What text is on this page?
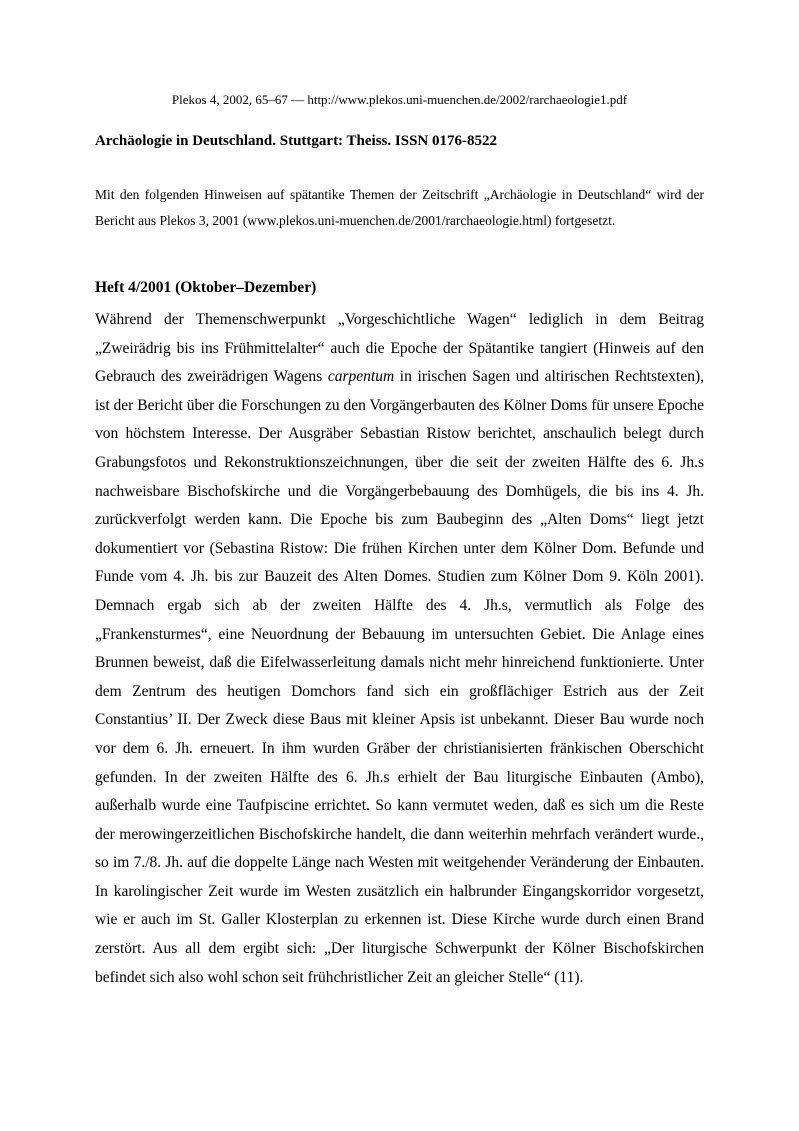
Plekos 4, 2002, 65–67 — http://www.plekos.uni-muenchen.de/2002/rarchaeologie1.pdf
Archäologie in Deutschland. Stuttgart: Theiss. ISSN 0176-8522

Mit den folgenden Hinweisen auf spätantike Themen der Zeitschrift „Archäologie in Deutschland“ wird der Bericht aus Plekos 3, 2001 (www.plekos.uni-muenchen.de/2001/rarchaeologie.html) fortgesetzt.

Heft 4/2001 (Oktober–Dezember)

Während der Themenschwerpunkt „Vorgeschichtliche Wagen“ lediglich in dem Beitrag „Zweirädrig bis ins Frühmittelalter“ auch die Epoche der Spätantike tangiert (Hinweis auf den Gebrauch des zweirädrigen Wagens carpentum in irischen Sagen und altirischen Rechtstexten), ist der Bericht über die Forschungen zu den Vorgängerbauten des Kölner Doms für unsere Epoche von höchstem Interesse. Der Ausgräber Sebastian Ristow berichtet, anschaulich belegt durch Grabungsfotos und Rekonstruktionszeichnungen, über die seit der zweiten Hälfte des 6. Jh.s nachweisbare Bischofskirche und die Vorgängerbebauung des Domhügels, die bis ins 4. Jh. zurückverfolgt werden kann. Die Epoche bis zum Baubeginn des „Alten Doms“ liegt jetzt dokumentiert vor (Sebastina Ristow: Die frühen Kirchen unter dem Kölner Dom. Befunde und Funde vom 4. Jh. bis zur Bauzeit des Alten Domes. Studien zum Kölner Dom 9. Köln 2001). Demnach ergab sich ab der zweiten Hälfte des 4. Jh.s, vermutlich als Folge des „Frankensturmes“, eine Neuordnung der Bebauung im untersuchten Gebiet. Die Anlage eines Brunnen beweist, daß die Eifelwasserleitung damals nicht mehr hinreichend funktionierte. Unter dem Zentrum des heutigen Domchors fand sich ein großflächiger Estrich aus der Zeit Constantius’ II. Der Zweck diese Baus mit kleiner Apsis ist unbekannt. Dieser Bau wurde noch vor dem 6. Jh. erneuert. In ihm wurden Gräber der christianisierten fränkischen Oberschicht gefunden. In der zweiten Hälfte des 6. Jh.s erhielt der Bau liturgische Einbauten (Ambo), außerhalb wurde eine Taufpiscine errichtet. So kann vermutet weden, daß es sich um die Reste der merowingerzeitlichen Bischofskirche handelt, die dann weiterhin mehrfach verändert wurde., so im 7./8. Jh. auf die doppelte Länge nach Westen mit weitgehender Veränderung der Einbauten. In karolingischer Zeit wurde im Westen zusätzlich ein halbrunder Eingangskorridor vorgesetzt, wie er auch im St. Galler Klosterplan zu erkennen ist. Diese Kirche wurde durch einen Brand zerstört. Aus all dem ergibt sich: „Der liturgische Schwerpunkt der Kölner Bischofskirchen befindet sich also wohl schon seit frühchristlicher Zeit an gleicher Stelle“ (11).
